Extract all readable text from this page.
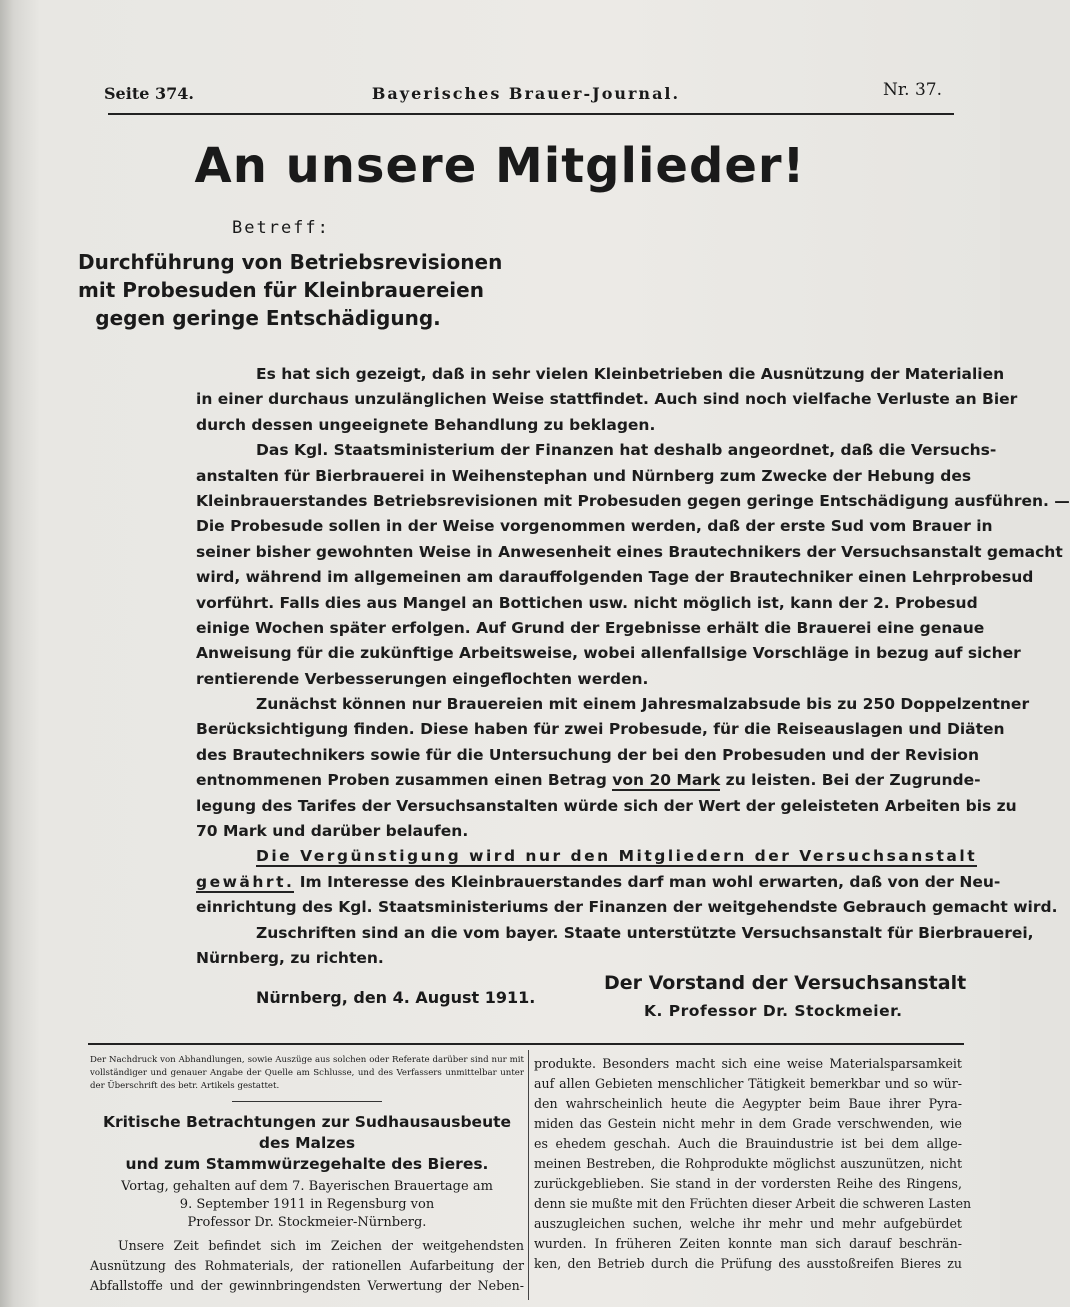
Seite 374.	Bayerisches Brauer-Journal.	Nr. 37.
An unsere Mitglieder!
Betreff:
Durchführung von Betriebsrevisionen
mit Probesuden für Kleinbrauereien
gegen geringe Entschädigung.
Es hat sich gezeigt, daß in sehr vielen Kleinbetrieben die Ausnützung der Materialien
in einer durchaus unzulänglichen Weise stattfindet. Auch sind noch vielfache Verluste an Bier
durch dessen ungeeignete Behandlung zu beklagen.
Das Kgl. Staatsministerium der Finanzen hat deshalb angeordnet, daß die Versuchs-
anstalten für Bierbrauerei in Weihenstephan und Nürnberg zum Zwecke der Hebung des
Kleinbrauerstandes Betriebsrevisionen mit Probesuden gegen geringe Entschädigung ausführen. —
Die Probesude sollen in der Weise vorgenommen werden, daß der erste Sud vom Brauer in
seiner bisher gewohnten Weise in Anwesenheit eines Brautechnikers der Versuchsanstalt gemacht
wird, während im allgemeinen am darauffolgenden Tage der Brautechniker einen Lehrprobesud
vorführt. Falls dies aus Mangel an Bottichen usw. nicht möglich ist, kann der 2. Probesud
einige Wochen später erfolgen. Auf Grund der Ergebnisse erhält die Brauerei eine genaue
Anweisung für die zukünftige Arbeitsweise, wobei allenfallsige Vorschläge in bezug auf sicher
rentierende Verbesserungen eingeflochten werden.
Zunächst können nur Brauereien mit einem Jahresmalzabsude bis zu 250 Doppelzentner
Berücksichtigung finden. Diese haben für zwei Probesude, für die Reiseauslagen und Diäten
des Brautechnikers sowie für die Untersuchung der bei den Probesuden und der Revision
entnommenen Proben zusammen einen Betrag von 20 Mark zu leisten. Bei der Zugrunde-
legung des Tarifes der Versuchsanstalten würde sich der Wert der geleisteten Arbeiten bis zu
70 Mark und darüber belaufen.
Die Vergünstigung wird nur den Mitgliedern der Versuchsanstalt
gewährt. Im Interesse des Kleinbrauerstandes darf man wohl erwarten, daß von der Neu-
einrichtung des Kgl. Staatsministeriums der Finanzen der weitgehendste Gebrauch gemacht wird.
Zuschriften sind an die vom bayer. Staate unterstützte Versuchsanstalt für Bierbrauerei,
Nürnberg, zu richten.
Nürnberg, den 4. August 1911.
Der Vorstand der Versuchsanstalt
K. Professor Dr. Stockmeier.
Der Nachdruck von Abhandlungen, sowie Auszüge aus solchen oder Referate darüber sind nur mit vollständiger und genauer Angabe der Quelle am Schlusse, und des Verfassers unmittelbar unter der Überschrift des betr. Artikels gestattet.
Kritische Betrachtungen zur Sudhausausbeute des Malzes
und zum Stammwürzegehalte des Bieres.
Vortag, gehalten auf dem 7. Bayerischen Brauertage am
9. September 1911 in Regensburg von
Professor Dr. Stockmeier-Nürnberg.
Unsere Zeit befindet sich im Zeichen der weitgehendsten
Ausnützung des Rohmaterials, der rationellen Aufarbeitung der
Abfallstoffe und der gewinnbringendsten Verwertung der Neben-
produkte. Besonders macht sich eine weise Materialsparsamkeit
auf allen Gebieten menschlicher Tätigkeit bemerkbar und so wür-
den wahrscheinlich heute die Aegypter beim Baue ihrer Pyra-
miden das Gestein nicht mehr in dem Grade verschwenden, wie
es ehedem geschah. Auch die Brauindustrie ist bei dem allge-
meinen Bestreben, die Rohprodukte möglichst auszunützen, nicht
zurückgeblieben. Sie stand in der vordersten Reihe des Ringens,
denn sie mußte mit den Früchten dieser Arbeit die schweren Lasten
auszugleichen suchen, welche ihr mehr und mehr aufgebürdet
wurden. In früheren Zeiten konnte man sich darauf beschrän-
ken, den Betrieb durch die Prüfung des ausstoßreifen Bieres zu
